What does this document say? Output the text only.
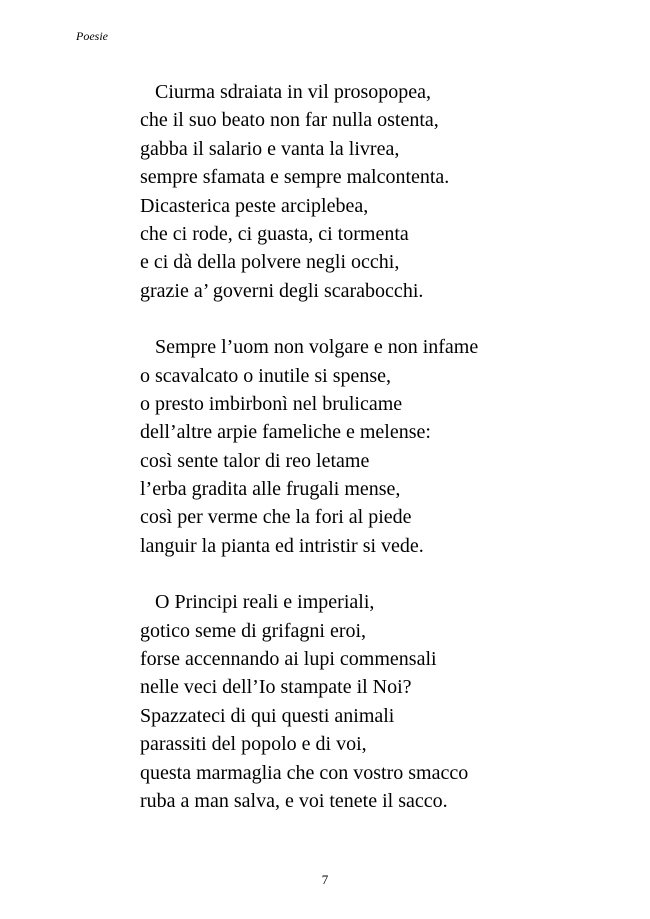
Poesie
Ciurma sdraiata in vil prosopopea,
che il suo beato non far nulla ostenta,
gabba il salario e vanta la livrea,
sempre sfamata e sempre malcontenta.
Dicasterica peste arciplebea,
che ci rode, ci guasta, ci tormenta
e ci dà della polvere negli occhi,
grazie a’ governi degli scarabocchi.
Sempre l’uom non volgare e non infame
o scavalcato o inutile si spense,
o presto imbirbonì nel brulicame
dell’altre arpie fameliche e melense:
così sente talor di reo letame
l’erba gradita alle frugali mense,
così per verme che la fori al piede
languir la pianta ed intristir si vede.
O Principi reali e imperiali,
gotico seme di grifagni eroi,
forse accennando ai lupi commensali
nelle veci dell’Io stampate il Noi?
Spazzateci di qui questi animali
parassiti del popolo e di voi,
questa marmaglia che con vostro smacco
ruba a man salva, e voi tenete il sacco.
7
